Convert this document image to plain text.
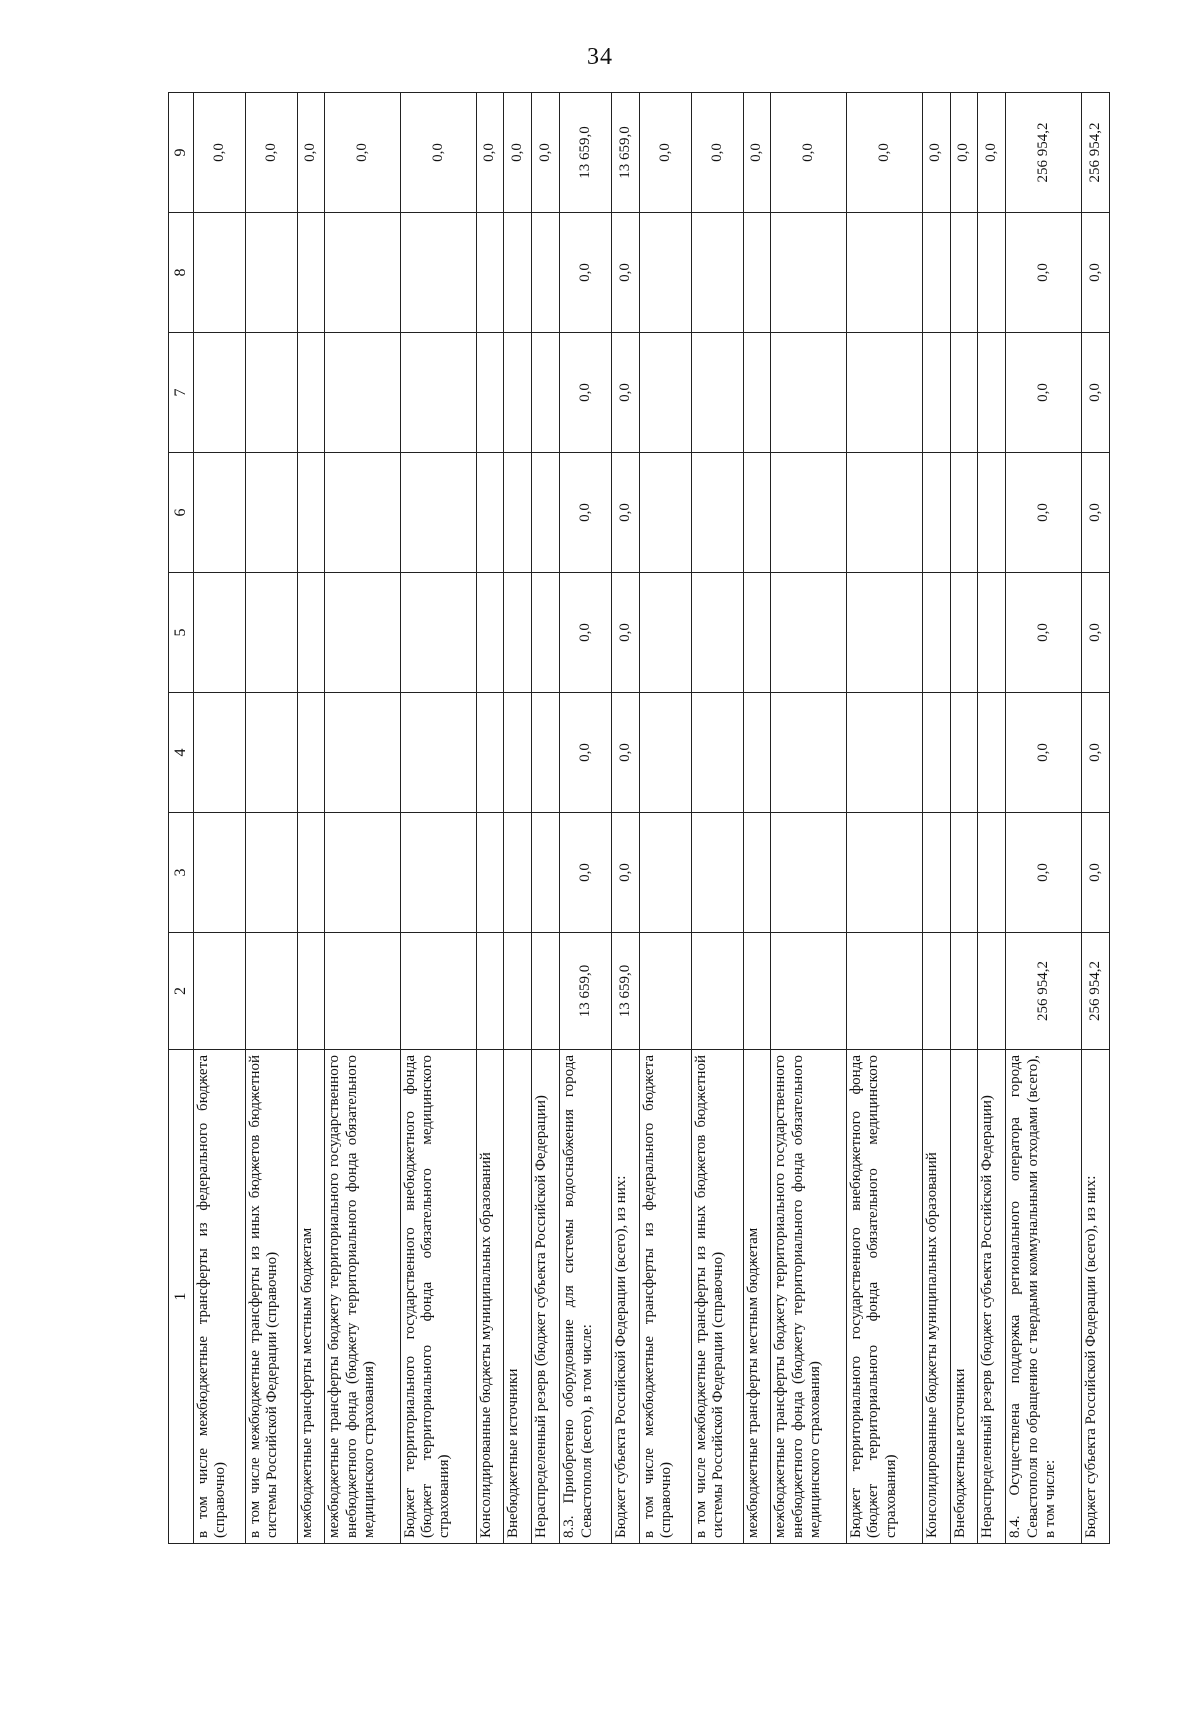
34
1	2	3	4	5	6	7	8	9
в том числе межбюджетные трансферты из федерального бюджета (справочно)								0,0
в том числе межбюджетные трансферты из иных бюджетов бюджетной системы Российской Федерации (справочно)								0,0
межбюджетные трансферты местным бюджетам								0,0
межбюджетные трансферты бюджету территориального государственного внебюджетного фонда (бюджету территориального фонда обязательного медицинского страхования)								0,0
Бюджет территориального государственного внебюджетного фонда (бюджет территориального фонда обязательного медицинского страхования)								0,0
Консолидированные бюджеты муниципальных образований								0,0
Внебюджетные источники								0,0
Нераспределенный резерв (бюджет субъекта Российской Федерации)								0,0
8.3. Приобретено оборудование для системы водоснабжения города Севастополя (всего), в том числе:	13 659,0	0,0	0,0	0,0	0,0	0,0	0,0	13 659,0
Бюджет субъекта Российской Федерации (всего), из них:	13 659,0	0,0	0,0	0,0	0,0	0,0	0,0	13 659,0
в том числе межбюджетные трансферты из федерального бюджета (справочно)								0,0
в том числе межбюджетные трансферты из иных бюджетов бюджетной системы Российской Федерации (справочно)								0,0
межбюджетные трансферты местным бюджетам								0,0
межбюджетные трансферты бюджету территориального государственного внебюджетного фонда (бюджету территориального фонда обязательного медицинского страхования)								0,0
Бюджет территориального государственного внебюджетного фонда (бюджет территориального фонда обязательного медицинского страхования)								0,0
Консолидированные бюджеты муниципальных образований								0,0
Внебюджетные источники								0,0
Нераспределенный резерв (бюджет субъекта Российской Федерации)								0,0
8.4. Осуществлена поддержка регионального оператора города Севастополя по обращению с твердыми коммунальными отходами (всего), в том числе:	256 954,2	0,0	0,0	0,0	0,0	0,0	0,0	256 954,2
Бюджет субъекта Российской Федерации (всего), из них:	256 954,2	0,0	0,0	0,0	0,0	0,0	0,0	256 954,2
